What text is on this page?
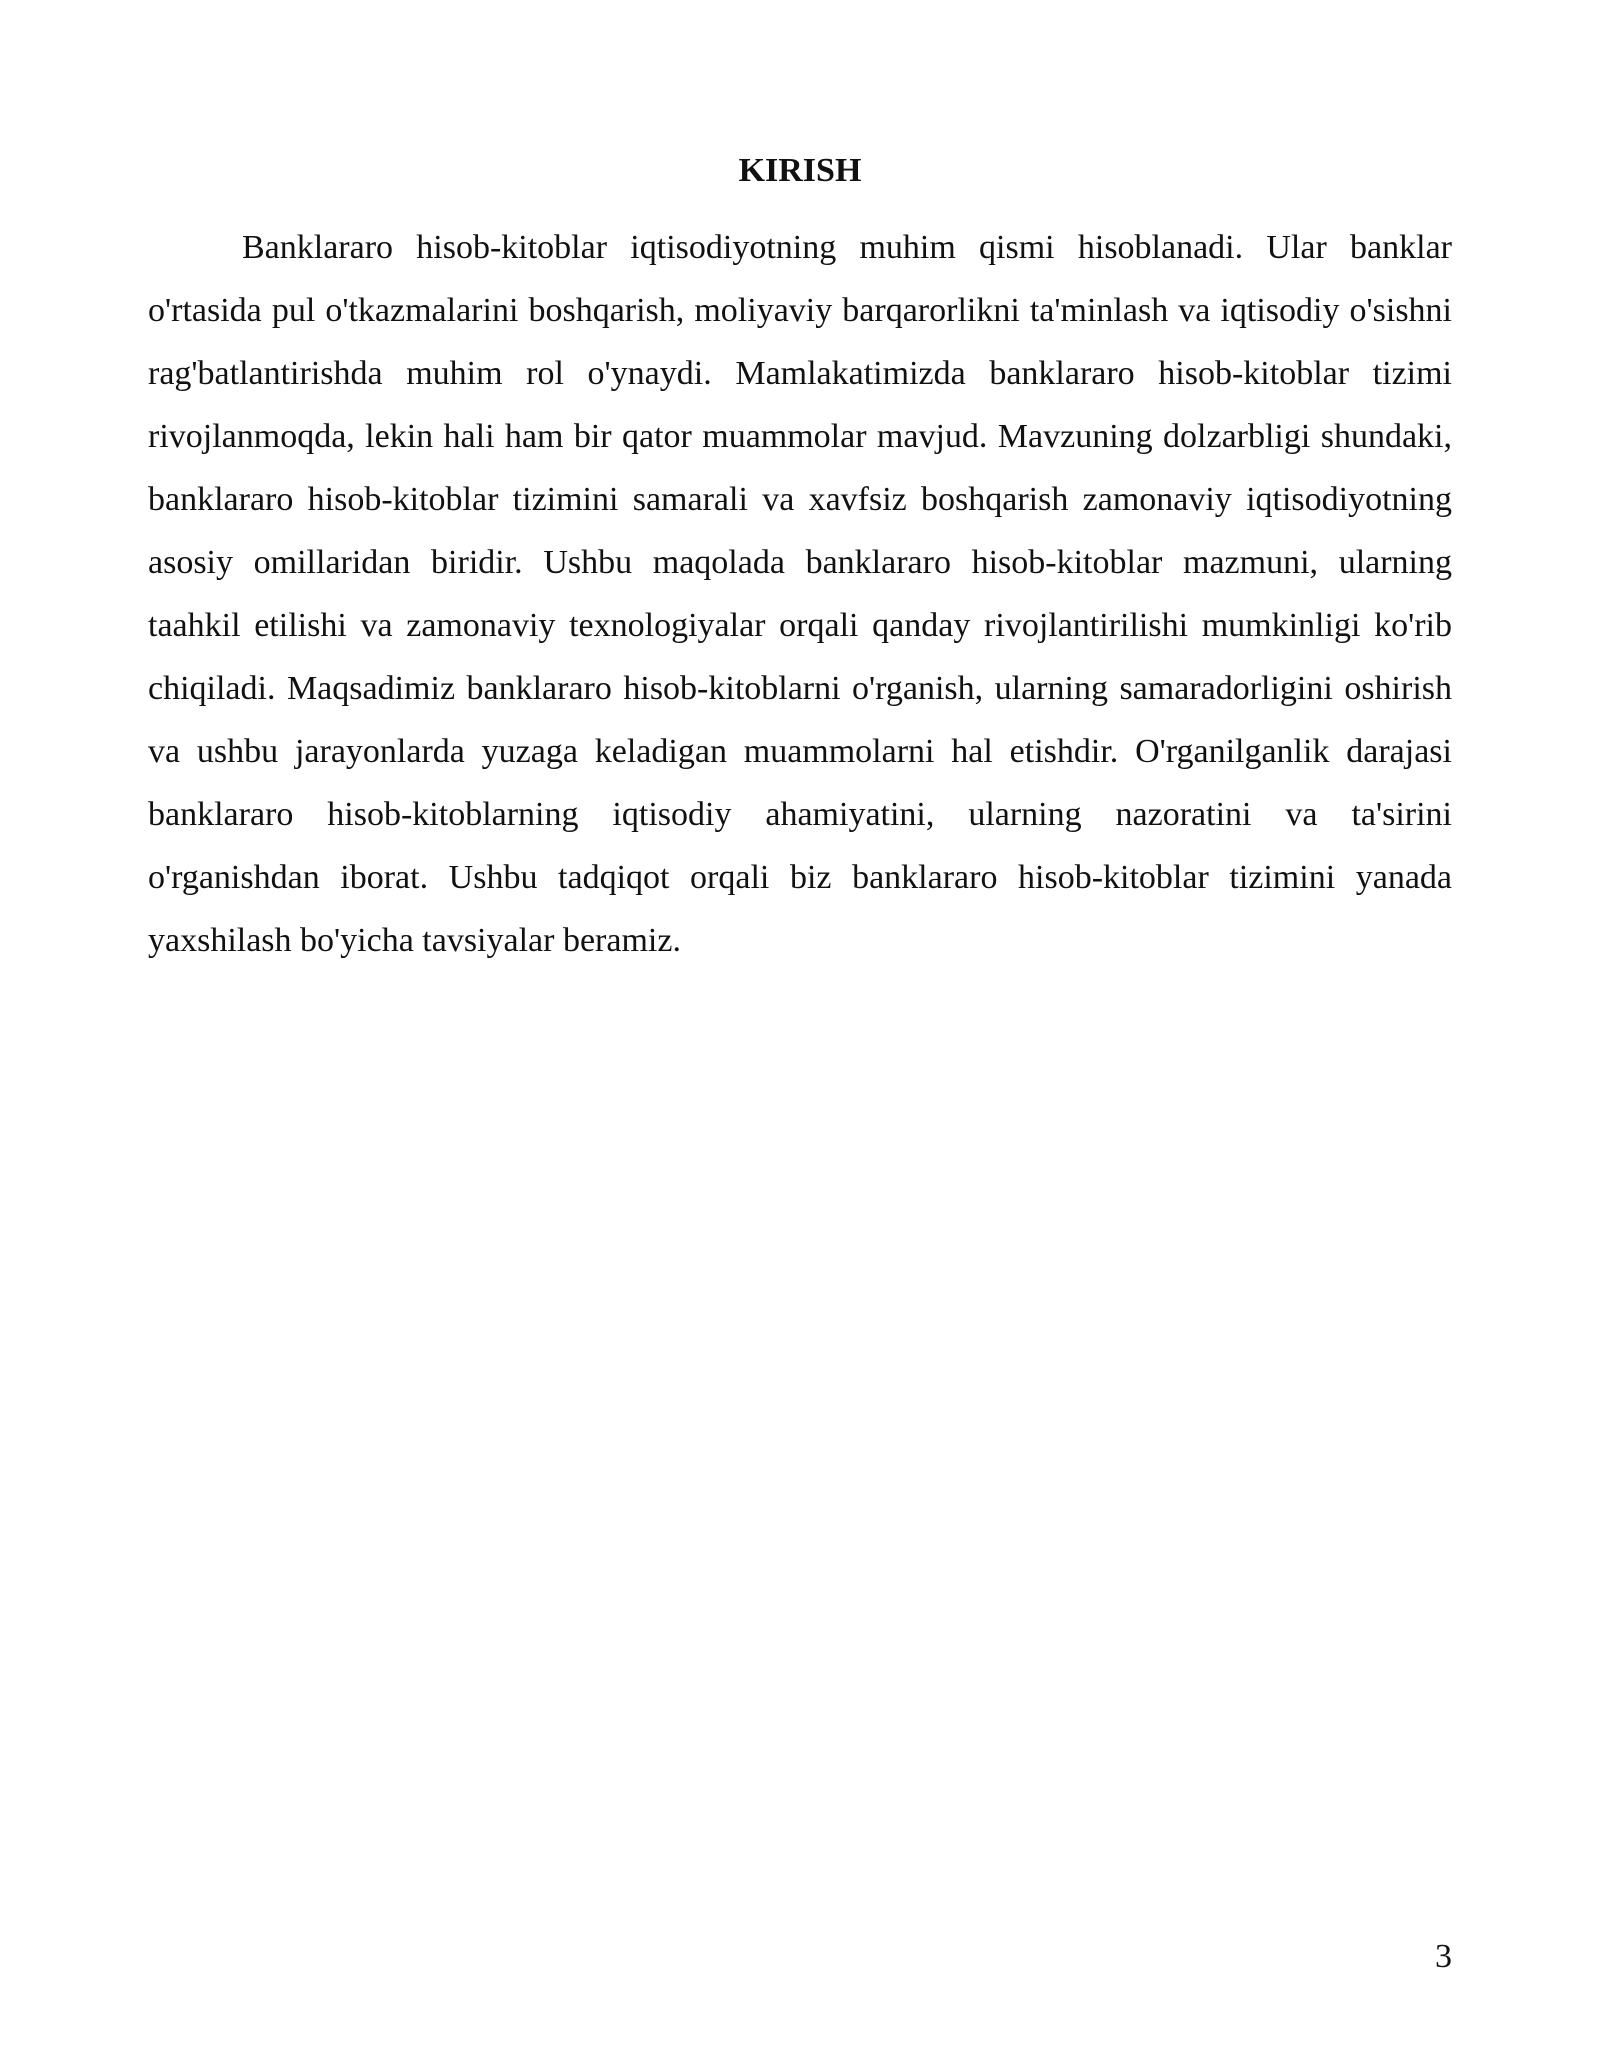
KIRISH

Banklararo hisob-kitoblar iqtisodiyotning muhim qismi hisoblanadi. Ular banklar o'rtasida pul o'tkazmalarini boshqarish, moliyaviy barqarorlikni ta'minlash va iqtisodiy o'sishni rag'batlantirishda muhim rol o'ynaydi. Mamlakatimizda banklararo hisob-kitoblar tizimi rivojlanmoqda, lekin hali ham bir qator muammolar mavjud. Mavzuning dolzarbligi shundaki, banklararo hisob-kitoblar tizimini samarali va xavfsiz boshqarish zamonaviy iqtisodiyotning asosiy omillaridan biridir. Ushbu maqolada banklararo hisob-kitoblar mazmuni, ularning taahkil etilishi va zamonaviy texnologiyalar orqali qanday rivojlantirilishi mumkinligi ko'rib chiqiladi. Maqsadimiz banklararo hisob-kitoblarni o'rganish, ularning samaradorligini oshirish va ushbu jarayonlarda yuzaga keladigan muammolarni hal etishdir. O'rganilganlik darajasi banklararo hisob-kitoblarning iqtisodiy ahamiyatini, ularning nazoratini va ta'sirini o'rganishdan iborat. Ushbu tadqiqot orqali biz banklararo hisob-kitoblar tizimini yanada yaxshilash bo'yicha tavsiyalar beramiz.

3
